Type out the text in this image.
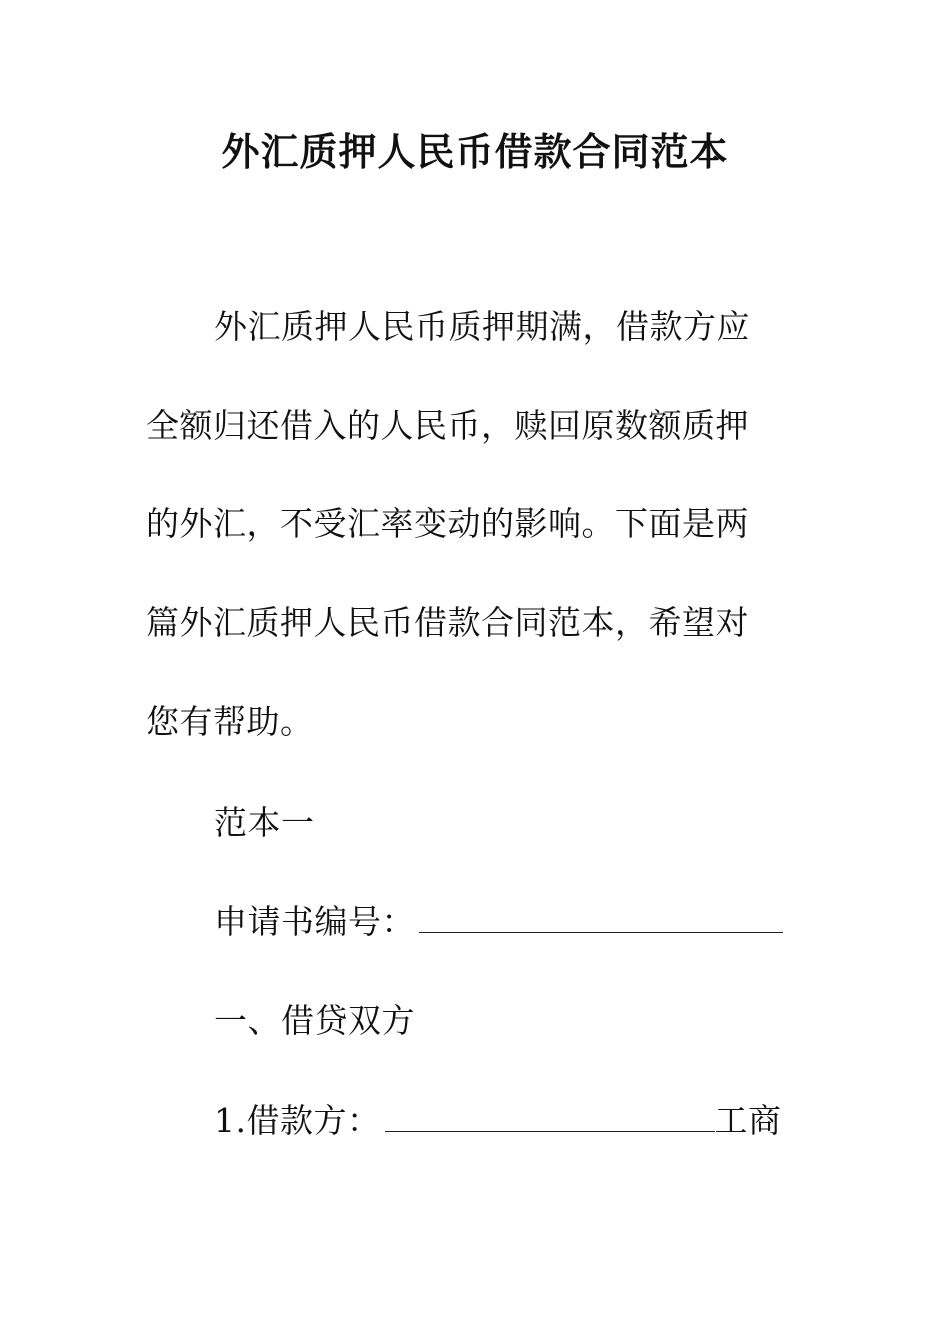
外汇质押人民币借款合同范本
外汇质押人民币质押期满，借款方应
全额归还借入的人民币，赎回原数额质押
的外汇，不受汇率变动的影响。下面是两
篇外汇质押人民币借款合同范本，希望对
您有帮助。
范本一
申请书编号：
一、借贷双方
1.借款方：	工商
